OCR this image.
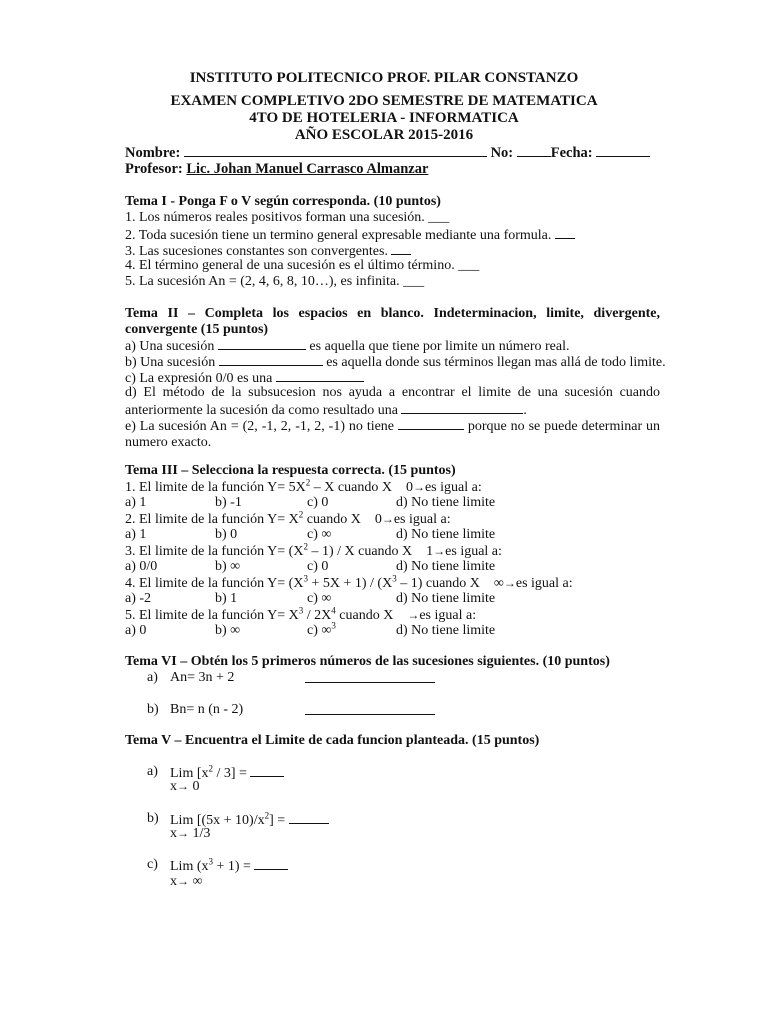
INSTITUTO POLITECNICO PROF. PILAR CONSTANZO
EXAMEN COMPLETIVO 2DO SEMESTRE DE MATEMATICA
4TO DE HOTELERIA - INFORMATICA
AÑO ESCOLAR 2015-2016
Nombre:	No:	Fecha:
Profesor: Lic. Johan Manuel Carrasco Almanzar
Tema I - Ponga F o V según corresponda. (10 puntos)
1. Los números reales positivos forman una sucesión. ___
2. Toda sucesión tiene un termino general expresable mediante una formula.
3. Las sucesiones constantes son convergentes.
4. El término general de una sucesión es el último término. ___
5. La sucesión An = (2, 4, 6, 8, 10…), es infinita. ___
Tema II – Completa los espacios en blanco. Indeterminacion, limite, divergente, convergente (15 puntos)
a) Una sucesión	es aquella que tiene por limite un número real.
b) Una sucesión	es aquella donde sus términos llegan mas allá de todo limite.
c) La expresión 0/0 es una
d) El método de la subsucesion nos ayuda a encontrar el limite de una sucesión cuando anteriormente la sucesión da como resultado una	.
e) La sucesión An = (2, -1, 2, -1, 2, -1) no tiene	porque no se puede determinar un numero exacto.
Tema III – Selecciona la respuesta correcta. (15 puntos)
1. El limite de la función $Y= 5X^2 - X$ cuando X 0→es igual a:
a) 1	b) -1	c) 0	d) No tiene limite
2. El limite de la función $Y= X^2$ cuando X 0→es igual a:
a) 1	b) 0	c) ∞	d) No tiene limite
3. El limite de la función $Y= (X^2 - 1) / X$ cuando X 1→es igual a:
a) 0/0	b) ∞	c) 0	d) No tiene limite
4. El limite de la función $Y= (X^3 + 5X + 1) / (X^3 - 1)$ cuando X ∞→es igual a:
a) -2	b) 1	c) ∞	d) No tiene limite
5. El limite de la función $Y= X^3 / 2X^4$ cuando X →es igual a:
a) 0	b) ∞	c) ∞$^3$	d) No tiene limite
Tema VI – Obtén los 5 primeros números de las sucesiones siguientes. (10 puntos)
a) An= 3n + 2
b) Bn= n (n - 2)
Tema V – Encuentra el Limite de cada funcion planteada. (15 puntos)
a) Lim $[x^2 / 3]$ =
x→ 0
b) Lim $[(5x + 10)/x^2]$ =
x→ 1/3
c) Lim $(x^3 + 1)$ =
x→ ∞
